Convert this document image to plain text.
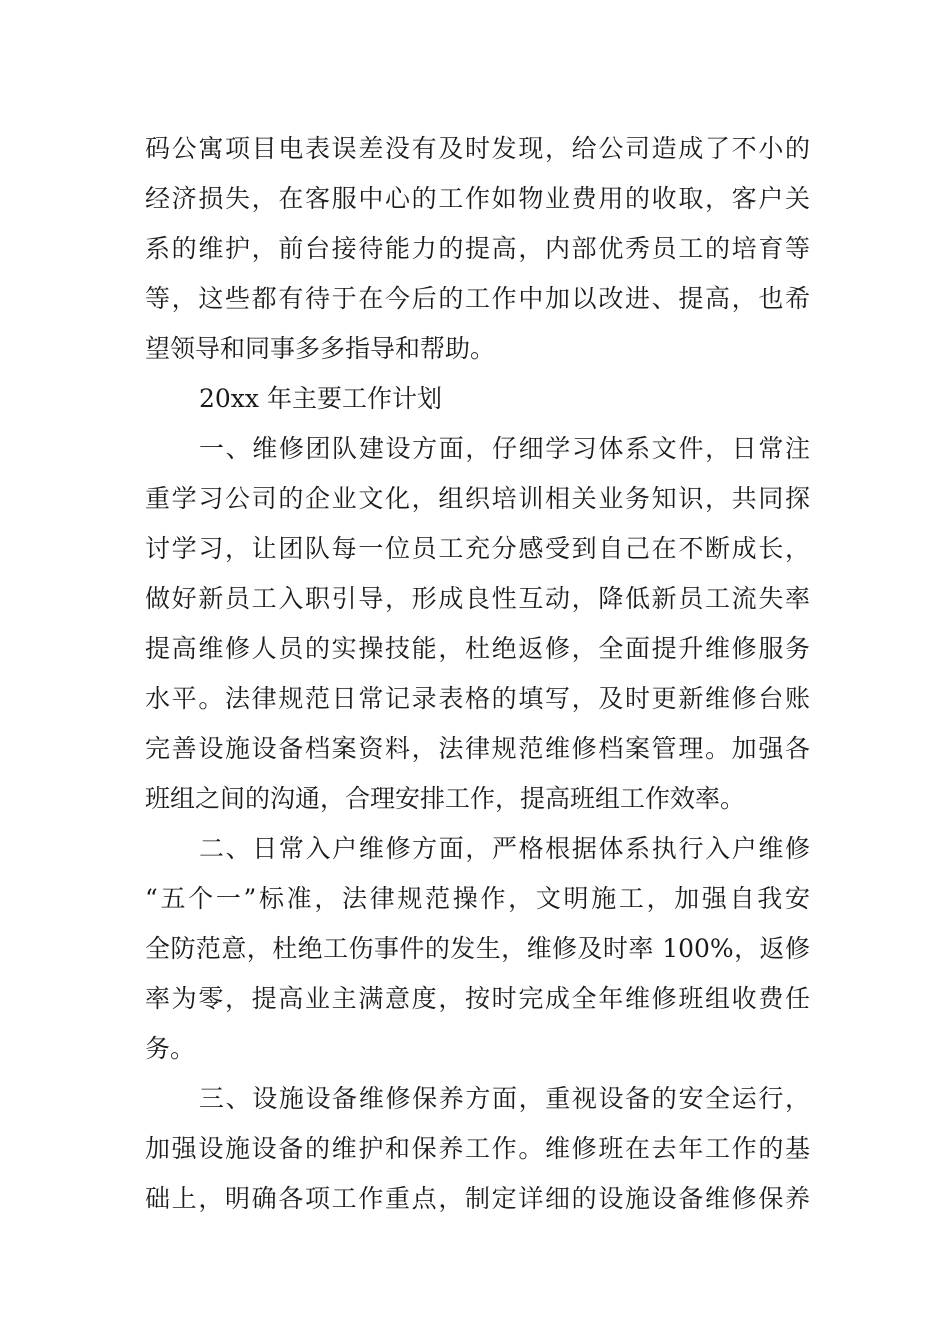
码公寓项目电表误差没有及时发现，给公司造成了不小的
经济损失，在客服中心的工作如物业费用的收取，客户关
系的维护，前台接待能力的提高，内部优秀员工的培育等
等，这些都有待于在今后的工作中加以改进、提高，也希
望领导和同事多多指导和帮助。
20xx 年主要工作计划
一、维修团队建设方面，仔细学习体系文件，日常注
重学习公司的企业文化，组织培训相关业务知识，共同探
讨学习，让团队每一位员工充分感受到自己在不断成长，
做好新员工入职引导，形成良性互动，降低新员工流失率
提高维修人员的实操技能，杜绝返修，全面提升维修服务
水平。法律规范日常记录表格的填写，及时更新维修台账
完善设施设备档案资料，法律规范维修档案管理。加强各
班组之间的沟通，合理安排工作，提高班组工作效率。
二、日常入户维修方面，严格根据体系执行入户维修
“五个一”标准，法律规范操作，文明施工，加强自我安
全防范意，杜绝工伤事件的发生，维修及时率 100%，返修
率为零，提高业主满意度，按时完成全年维修班组收费任
务。
三、设施设备维修保养方面，重视设备的安全运行，
加强设施设备的维护和保养工作。维修班在去年工作的基
础上，明确各项工作重点，制定详细的设施设备维修保养
